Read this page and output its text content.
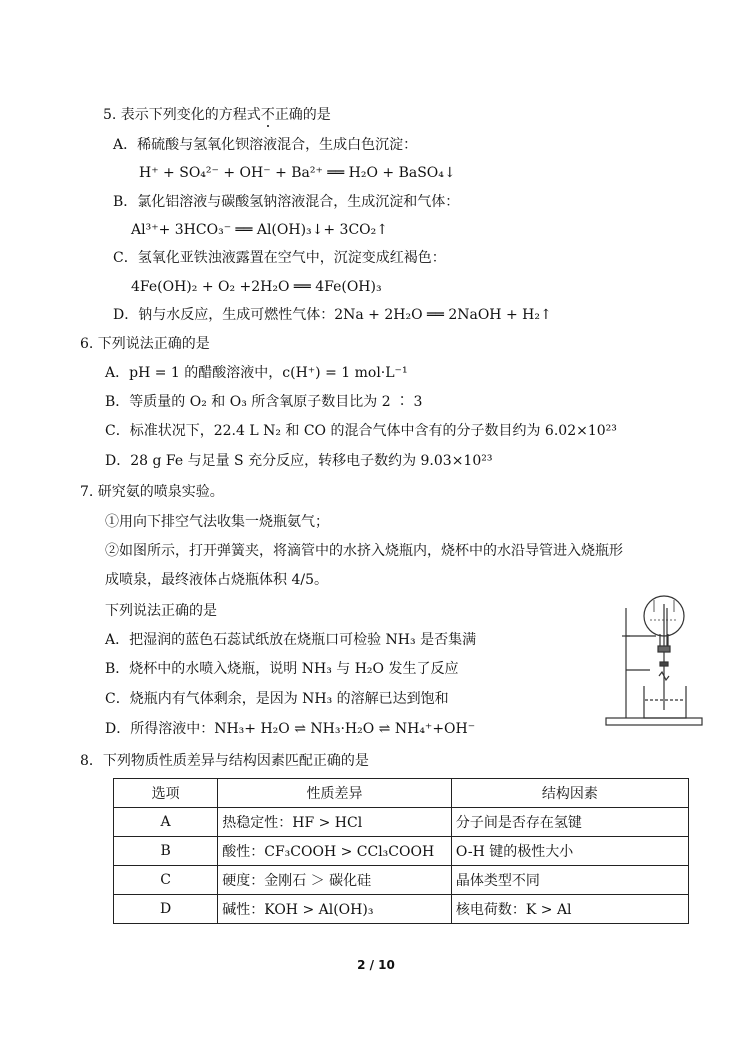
5. 表示下列变化的方程式不正确的是
A．稀硫酸与氢氧化钡溶液混合，生成白色沉淀：
H⁺ + SO₄²⁻ + OH⁻ + Ba²⁺ ══ H₂O + BaSO₄↓
B．氯化铝溶液与碳酸氢钠溶液混合，生成沉淀和气体：
Al³⁺+ 3HCO₃⁻ ══ Al(OH)₃↓+ 3CO₂↑
C．氢氧化亚铁浊液露置在空气中，沉淀变成红褐色：
4Fe(OH)₂ + O₂ +2H₂O ══ 4Fe(OH)₃
D．钠与水反应，生成可燃性气体：2Na + 2H₂O ══ 2NaOH + H₂↑
6. 下列说法正确的是
A．pH = 1 的醋酸溶液中，c(H⁺) = 1 mol·L⁻¹
B．等质量的 O₂ 和 O₃ 所含氧原子数目比为 2 ∶ 3
C．标准状况下，22.4 L N₂ 和 CO 的混合气体中含有的分子数目约为 6.02×10²³
D．28 g Fe 与足量 S 充分反应，转移电子数约为 9.03×10²³
7. 研究氨的喷泉实验。
①用向下排空气法收集一烧瓶氨气；
②如图所示，打开弹簧夹，将滴管中的水挤入烧瓶内，烧杯中的水沿导管进入烧瓶形
成喷泉，最终液体占烧瓶体积 4/5。
下列说法正确的是
A．把湿润的蓝色石蕊试纸放在烧瓶口可检验 NH₃ 是否集满
B．烧杯中的水喷入烧瓶，说明 NH₃ 与 H₂O 发生了反应
C．烧瓶内有气体剩余，是因为 NH₃ 的溶解已达到饱和
D．所得溶液中：NH₃+ H₂O ⇌ NH₃·H₂O ⇌ NH₄⁺+OH⁻
8．下列物质性质差异与结构因素匹配正确的是
选项	性质差异	结构因素
A	热稳定性：HF > HCl	分子间是否存在氢键
B	酸性：CF₃COOH > CCl₃COOH	O-H 键的极性大小
C	硬度：金刚石 ＞ 碳化硅	晶体类型不同
D	碱性：KOH > Al(OH)₃	核电荷数：K > Al
2 / 10
